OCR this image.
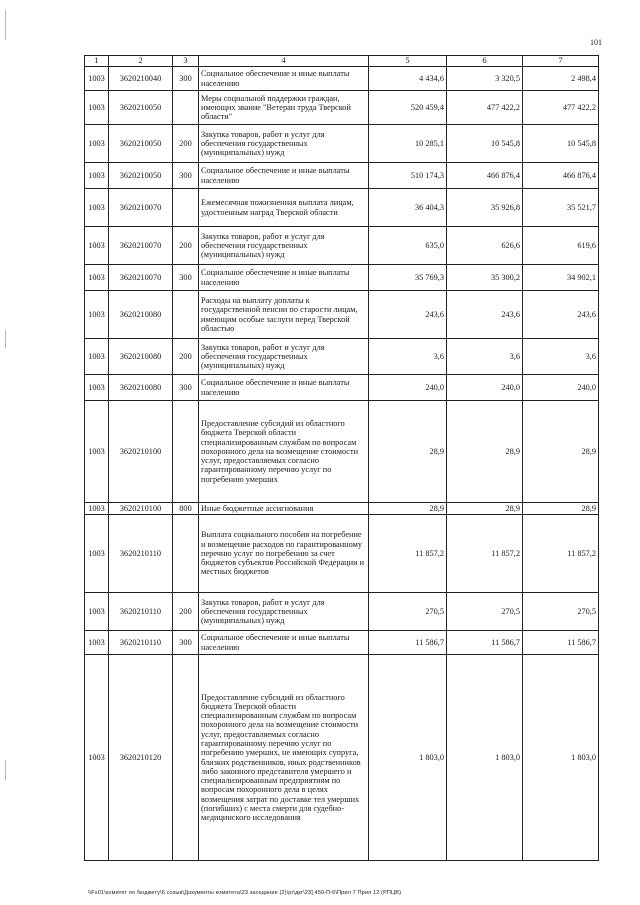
101
1	2	3	4	5	6	7
1003	3620210040	300	Социальное обеспечение и иные выплаты населению	4 434,6	3 320,5	2 498,4
1003	3620210050		Меры социальной поддержки граждан, имеющих звание "Ветеран труда Тверской области"	520 459,4	477 422,2	477 422,2
1003	3620210050	200	Закупка товаров, работ и услуг для обеспечения государственных (муниципальных) нужд	10 285,1	10 545,8	10 545,8
1003	3620210050	300	Социальное обеспечение и иные выплаты населению	510 174,3	466 876,4	466 876,4
1003	3620210070		Ежемесячная пожизненная выплата лицам, удостоенным наград Тверской области	36 404,3	35 926,8	35 521,7
1003	3620210070	200	Закупка товаров, работ и услуг для обеспечения государственных (муниципальных) нужд	635,0	626,6	619,6
1003	3620210070	300	Социальное обеспечение и иные выплаты населению	35 769,3	35 300,2	34 902,1
1003	3620210080		Расходы на выплату доплаты к государственной пенсии по старости лицам, имеющим особые заслуги перед Тверской областью	243,6	243,6	243,6
1003	3620210080	200	Закупка товаров, работ и услуг для обеспечения государственных (муниципальных) нужд	3,6	3,6	3,6
1003	3620210080	300	Социальное обеспечение и иные выплаты населению	240,0	240,0	240,0
1003	3620210100		Предоставление субсидий из областного бюджета Тверской области специализированным службам по вопросам похоронного дела на возмещение стоимости услуг, предоставляемых согласно гарантированному перечню услуг по погребению умерших	28,9	28,9	28,9
1003	3620210100	800	Иные бюджетные ассигнования	28,9	28,9	28,9
1003	3620210110		Выплата социального пособия на погребение и возмещение расходов по гарантированному перечню услуг по погребению за счет бюджетов субъектов Российской Федерации и местных бюджетов	11 857,2	11 857,2	11 857,2
1003	3620210110	200	Закупка товаров, работ и услуг для обеспечения государственных (муниципальных) нужд	270,5	270,5	270,5
1003	3620210110	300	Социальное обеспечение и иные выплаты населению	11 586,7	11 586,7	11 586,7
1003	3620210120		Предоставление субсидий из областного бюджета Тверской области специализированным службам по вопросам похоронного дела на возмещение стоимости услуг, предоставляемых согласно гарантированному перечню услуг по погребению умерших, не имеющих супруга, близких родственников, иных родственников либо законного представителя умершего и специализированным предприятиям по вопросам похоронного дела в целях возмещения затрат по доставке тел умерших (погибших) с места смерти для судебно-медицинского исследования	1 803,0	1 803,0	1 803,0
\\Fs01\комитет по бюджету\6 созыв\Документы комитета\23 заседание (2)\pr\дкг\23] 450-П-6\Прил 7 Прил 12 (РПЦВ)
